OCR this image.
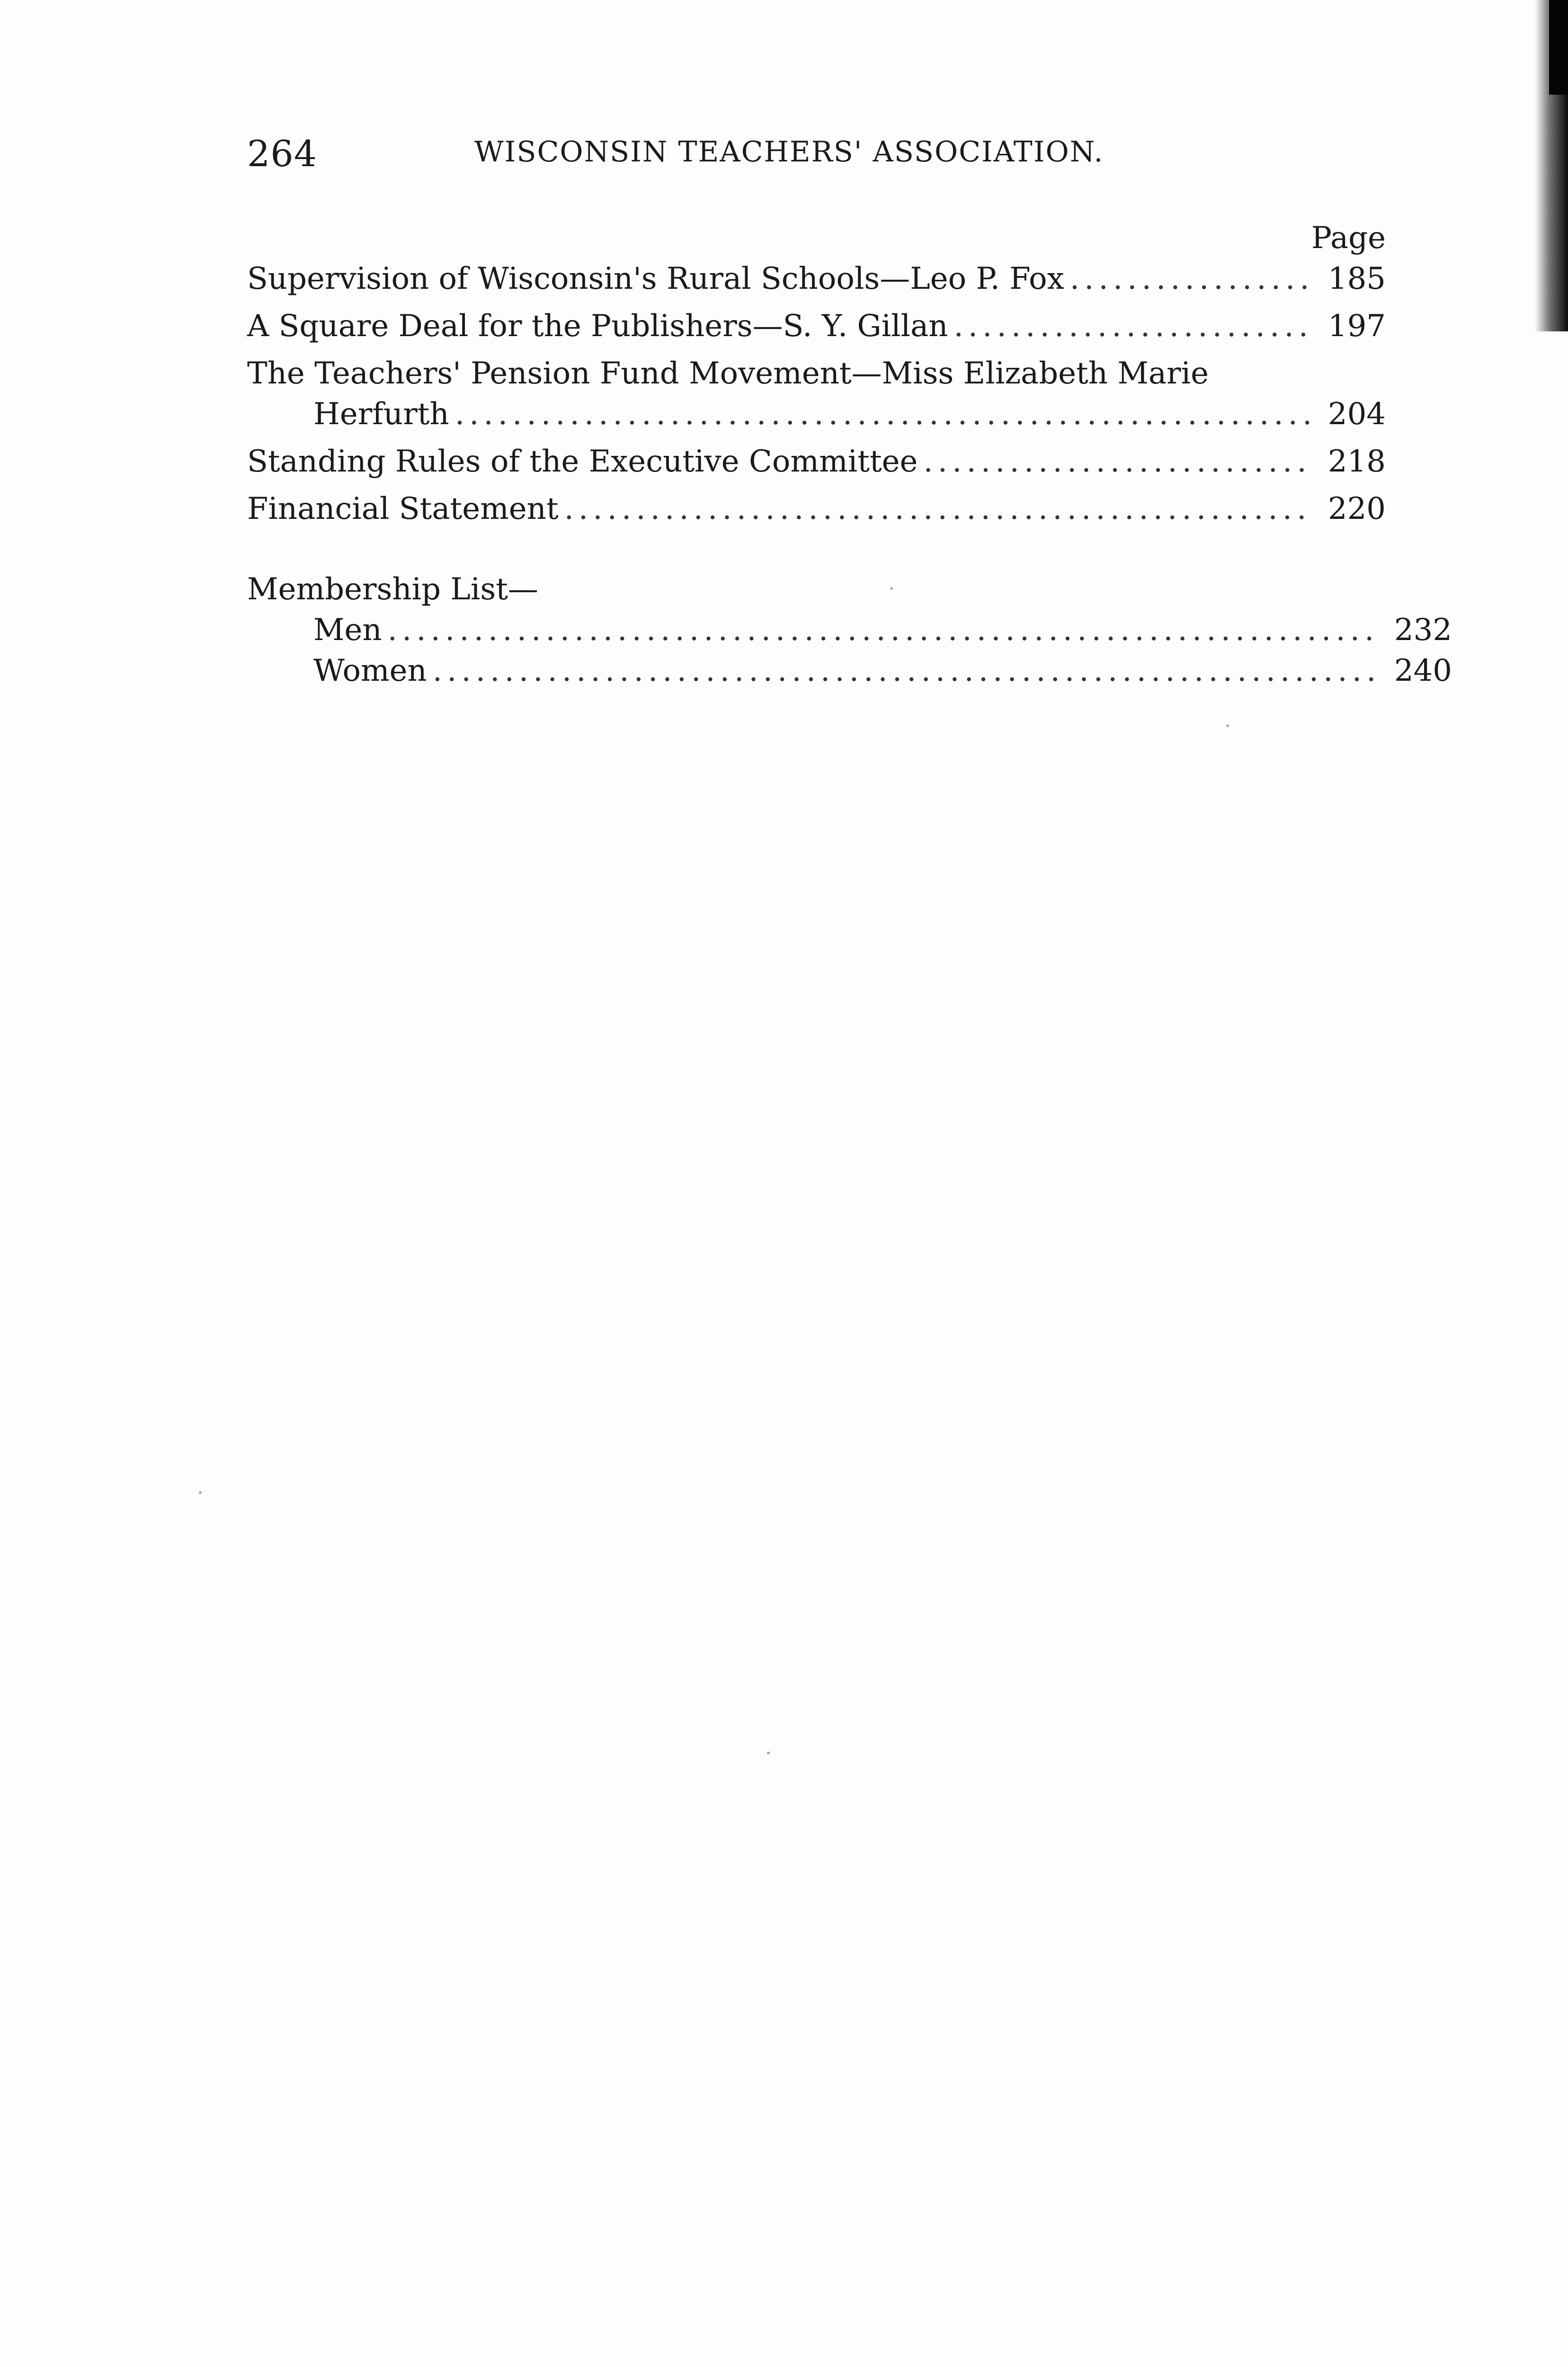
264	WISCONSIN TEACHERS' ASSOCIATION.
Page
Supervision of Wisconsin's Rural Schools—Leo P. Fox .....	185
A Square Deal for the Publishers—S. Y. Gillan .....	197
The Teachers' Pension Fund Movement—Miss Elizabeth Marie
Herfurth .....	204
Standing Rules of the Executive Committee .....	218
Financial Statement .....	220
Membership List—
Men .....	232
Women .....	240
